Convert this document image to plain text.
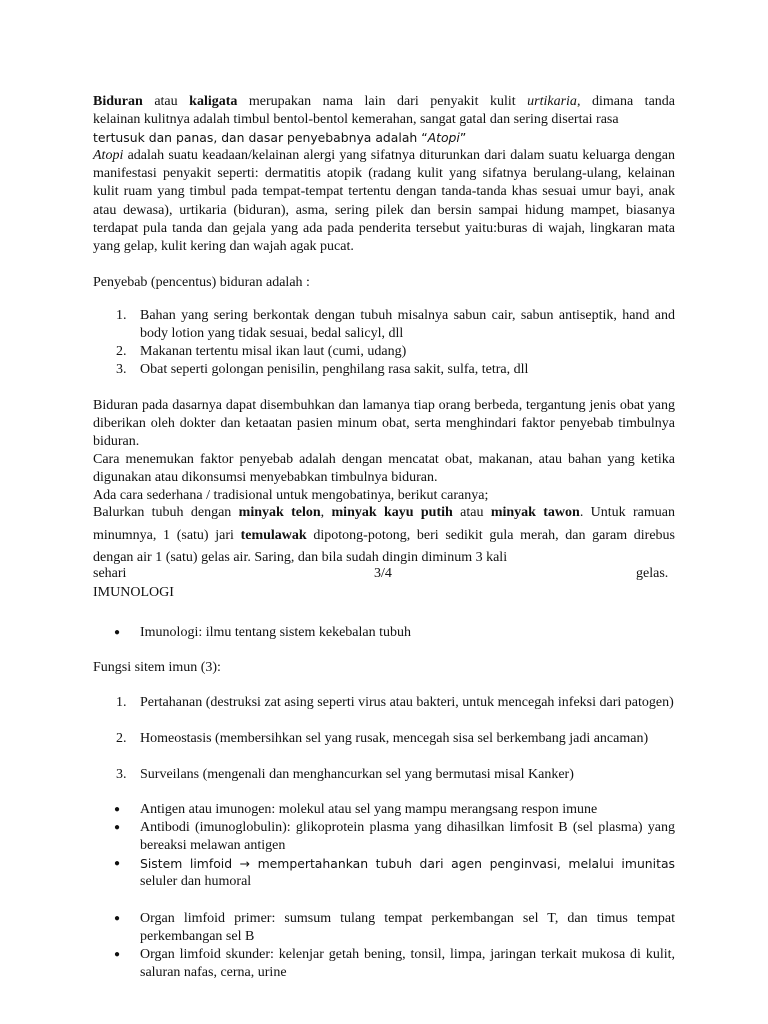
Biduran atau kaligata merupakan nama lain dari penyakit kulit urtikaria, dimana tanda
kelainan kulitnya adalah timbul bentol-bentol kemerahan, sangat gatal dan sering disertai rasa
tertusuk dan panas, dan dasar penyebabnya adalah “Atopi”

Atopi adalah suatu keadaan/kelainan alergi yang sifatnya diturunkan dari dalam suatu keluarga dengan manifestasi penyakit seperti: dermatitis atopik (radang kulit yang sifatnya berulang-ulang, kelainan kulit ruam yang timbul pada tempat-tempat tertentu dengan tanda-tanda khas sesuai umur bayi, anak atau dewasa), urtikaria (biduran), asma, sering pilek dan bersin sampai hidung mampet, biasanya terdapat pula tanda dan gejala yang ada pada penderita tersebut yaitu:buras di wajah, lingkaran mata yang gelap, kulit kering dan wajah agak pucat.

Penyebab (pencentus) biduran adalah :
1. Bahan yang sering berkontak dengan tubuh misalnya sabun cair, sabun antiseptik, hand and body lotion yang tidak sesuai, bedal salicyl, dll
2. Makanan tertentu misal ikan laut (cumi, udang)
3. Obat seperti golongan penisilin, penghilang rasa sakit, sulfa, tetra, dll

Biduran pada dasarnya dapat disembuhkan dan lamanya tiap orang berbeda, tergantung jenis obat yang diberikan oleh dokter dan ketaatan pasien minum obat, serta menghindari faktor penyebab timbulnya biduran.

Cara menemukan faktor penyebab adalah dengan mencatat obat, makanan, atau bahan yang ketika digunakan atau dikonsumsi menyebabkan timbulnya biduran.

Ada cara sederhana / tradisional untuk mengobatinya, berikut caranya;

Balurkan tubuh dengan minyak telon, minyak kayu putih atau minyak tawon. Untuk ramuan minumnya, 1 (satu) jari temulawak dipotong-potong, beri sedikit gula merah, dan garam direbus dengan air 1 (satu) gelas air. Saring, dan bila sudah dingin diminum 3 kali

sehari	3/4	gelas.
IMUNOLOGI
● Imunologi: ilmu tentang sistem kekebalan tubuh
Fungsi sitem imun (3):
1. Pertahanan (destruksi zat asing seperti virus atau bakteri, untuk mencegah infeksi dari patogen)
2. Homeostasis (membersihkan sel yang rusak, mencegah sisa sel berkembang jadi ancaman)
3. Surveilans (mengenali dan menghancurkan sel yang bermutasi misal Kanker)
● Antigen atau imunogen: molekul atau sel yang mampu merangsang respon imune
● Antibodi (imunoglobulin): glikoprotein plasma yang dihasilkan limfosit B (sel plasma) yang bereaksi melawan antigen
● Sistem limfoid → mempertahankan tubuh dari agen penginvasi, melalui imunitas
seluler dan humoral
● Organ limfoid primer: sumsum tulang tempat perkembangan sel T, dan timus tempat perkembangan sel B
● Organ limfoid skunder: kelenjar getah bening, tonsil, limpa, jaringan terkait mukosa di kulit, saluran nafas, cerna, urine
